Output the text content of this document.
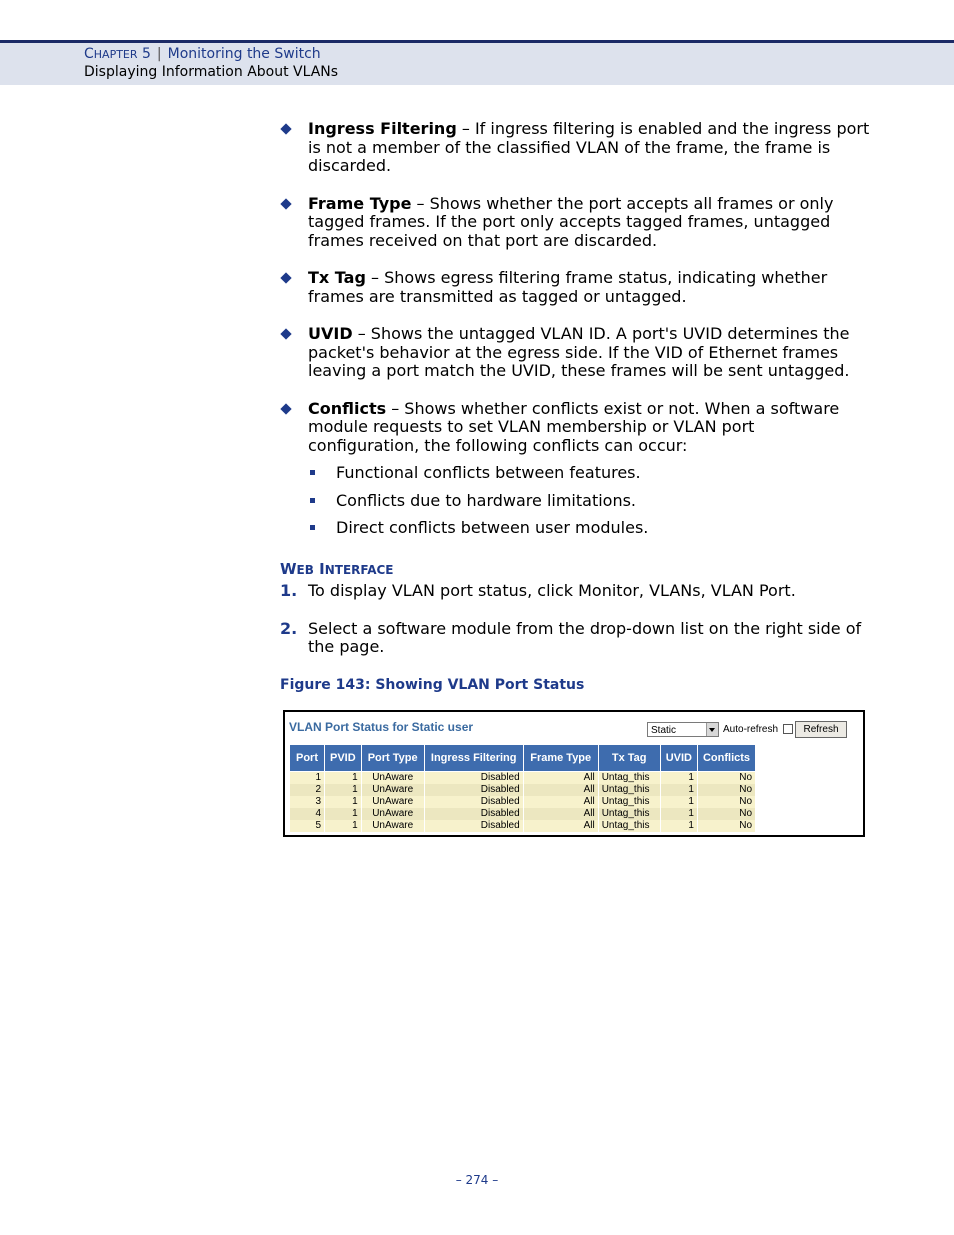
CHAPTER 5 | Monitoring the Switch
Displaying Information About VLANs
Ingress Filtering – If ingress filtering is enabled and the ingress port is not a member of the classified VLAN of the frame, the frame is discarded.
Frame Type – Shows whether the port accepts all frames or only tagged frames. If the port only accepts tagged frames, untagged frames received on that port are discarded.
Tx Tag – Shows egress filtering frame status, indicating whether frames are transmitted as tagged or untagged.
UVID – Shows the untagged VLAN ID. A port's UVID determines the packet's behavior at the egress side. If the VID of Ethernet frames leaving a port match the UVID, these frames will be sent untagged.
Conflicts – Shows whether conflicts exist or not. When a software module requests to set VLAN membership or VLAN port configuration, the following conflicts can occur:
Functional conflicts between features.
Conflicts due to hardware limitations.
Direct conflicts between user modules.
WEB INTERFACE
1. To display VLAN port status, click Monitor, VLANs, VLAN Port.
2. Select a software module from the drop-down list on the right side of the page.
Figure 143: Showing VLAN Port Status
VLAN Port Status for Static user	Static	Auto-refresh	Refresh
Port	PVID	Port Type	Ingress Filtering	Frame Type	Tx Tag	UVID	Conflicts
1	1	UnAware	Disabled	All	Untag_this	1	No
2	1	UnAware	Disabled	All	Untag_this	1	No
3	1	UnAware	Disabled	All	Untag_this	1	No
4	1	UnAware	Disabled	All	Untag_this	1	No
5	1	UnAware	Disabled	All	Untag_this	1	No
– 274 –
